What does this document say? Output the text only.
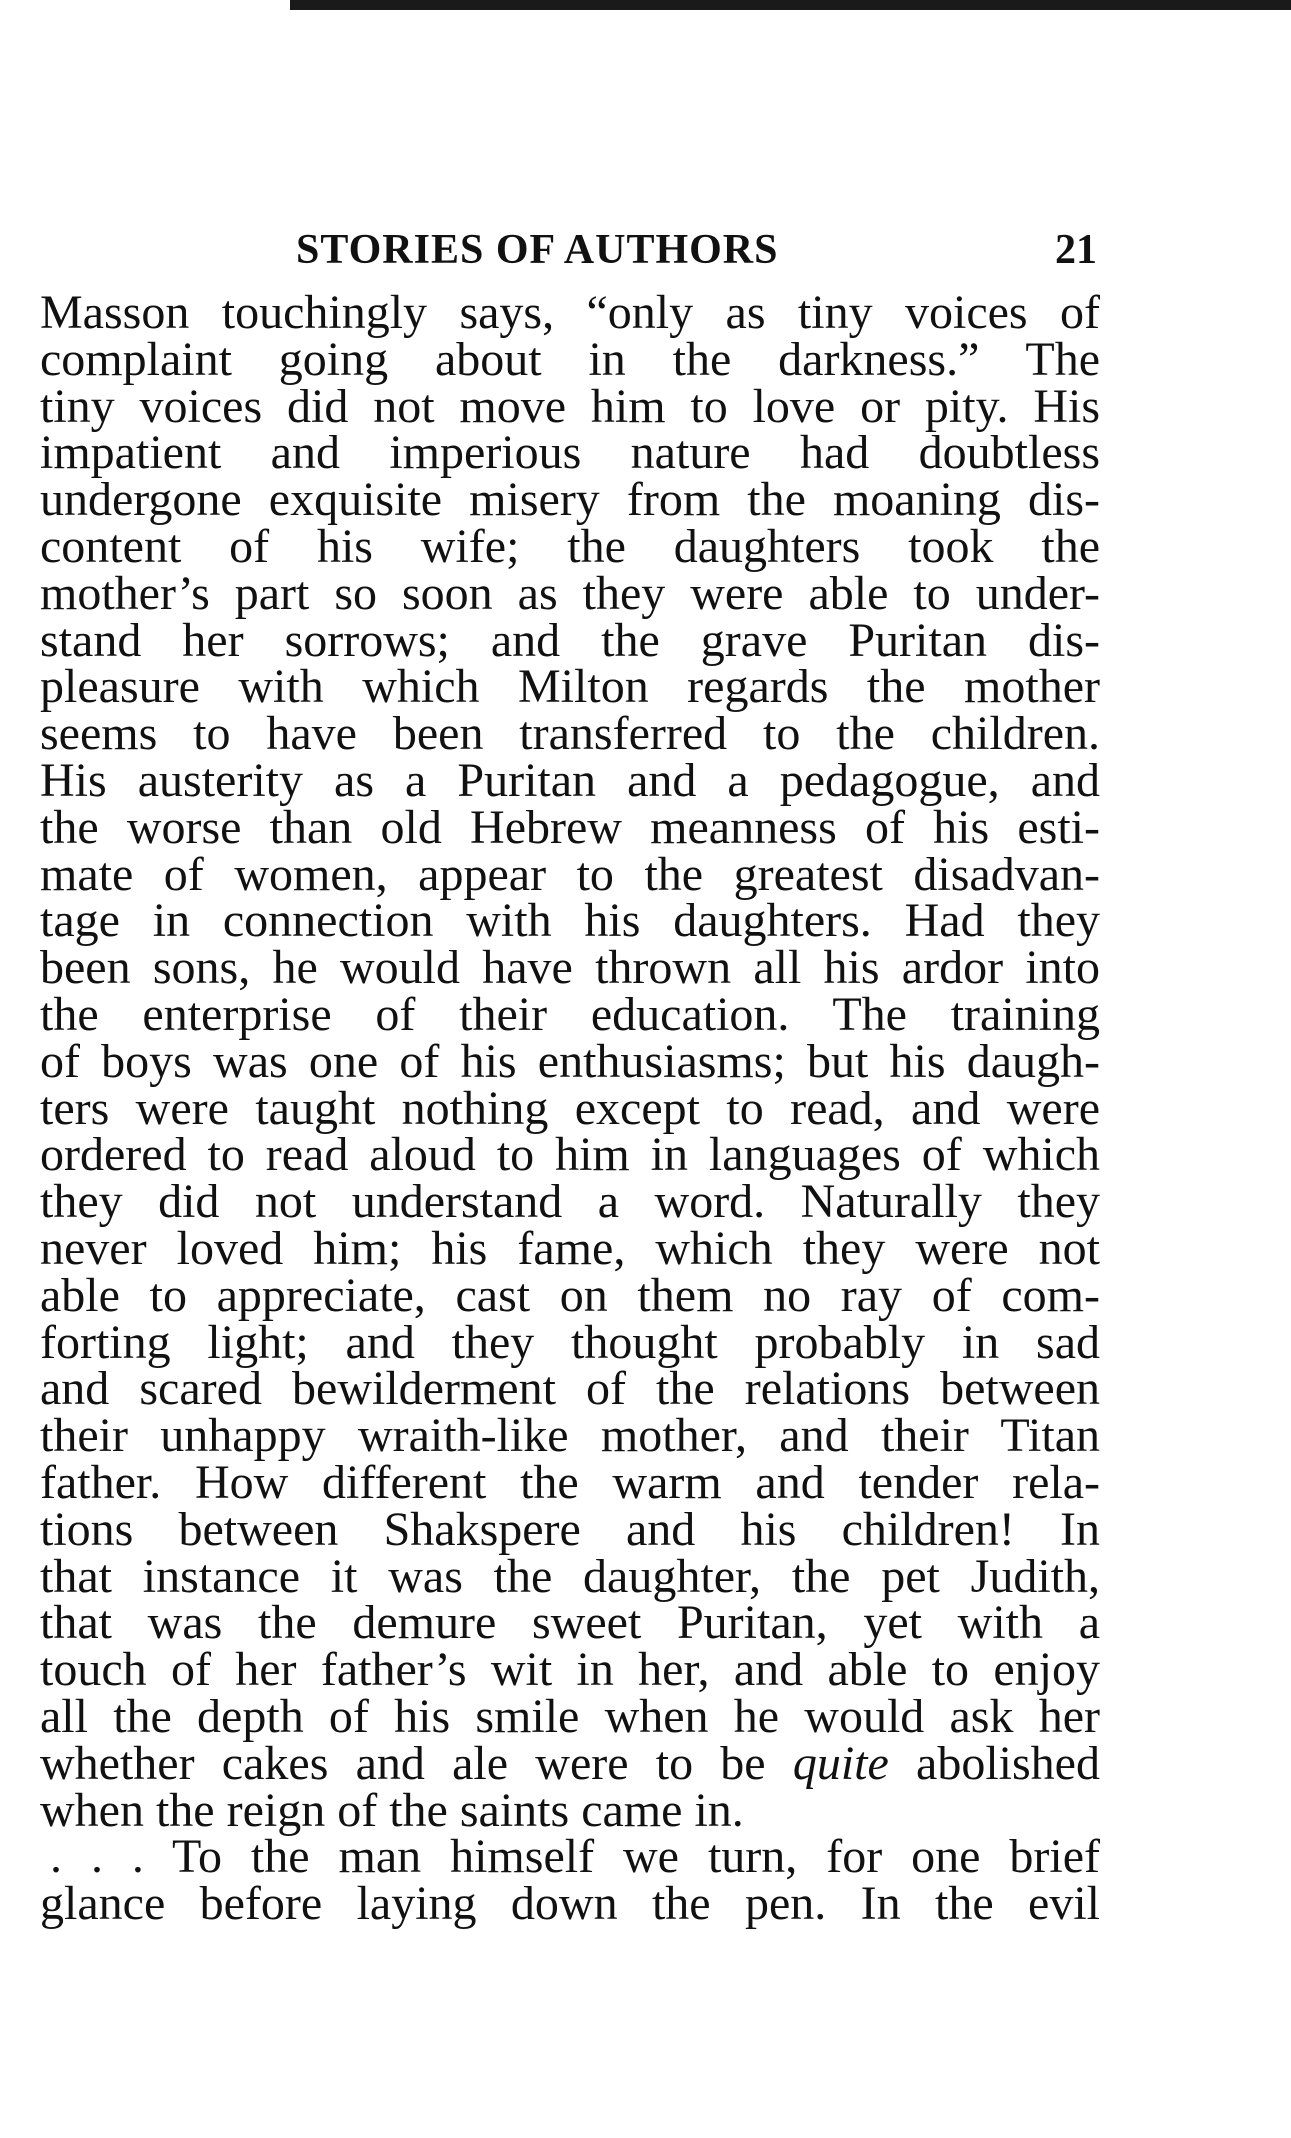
STORIES OF AUTHORS	21
Masson touchingly says, “only as tiny voices of
complaint going about in the darkness.” The
tiny voices did not move him to love or pity. His
impatient and imperious nature had doubtless
undergone exquisite misery from the moaning dis-
content of his wife; the daughters took the
mother’s part so soon as they were able to under-
stand her sorrows; and the grave Puritan dis-
pleasure with which Milton regards the mother
seems to have been transferred to the children.
His austerity as a Puritan and a pedagogue, and
the worse than old Hebrew meanness of his esti-
mate of women, appear to the greatest disadvan-
tage in connection with his daughters. Had they
been sons, he would have thrown all his ardor into
the enterprise of their education. The training
of boys was one of his enthusiasms; but his daugh-
ters were taught nothing except to read, and were
ordered to read aloud to him in languages of which
they did not understand a word. Naturally they
never loved him; his fame, which they were not
able to appreciate, cast on them no ray of com-
forting light; and they thought probably in sad
and scared bewilderment of the relations between
their unhappy wraith-like mother, and their Titan
father. How different the warm and tender rela-
tions between Shakspere and his children! In
that instance it was the daughter, the pet Judith,
that was the demure sweet Puritan, yet with a
touch of her father’s wit in her, and able to enjoy
all the depth of his smile when he would ask her
whether cakes and ale were to be quite abolished
when the reign of the saints came in.
. . . To the man himself we turn, for one brief
glance before laying down the pen. In the evil
